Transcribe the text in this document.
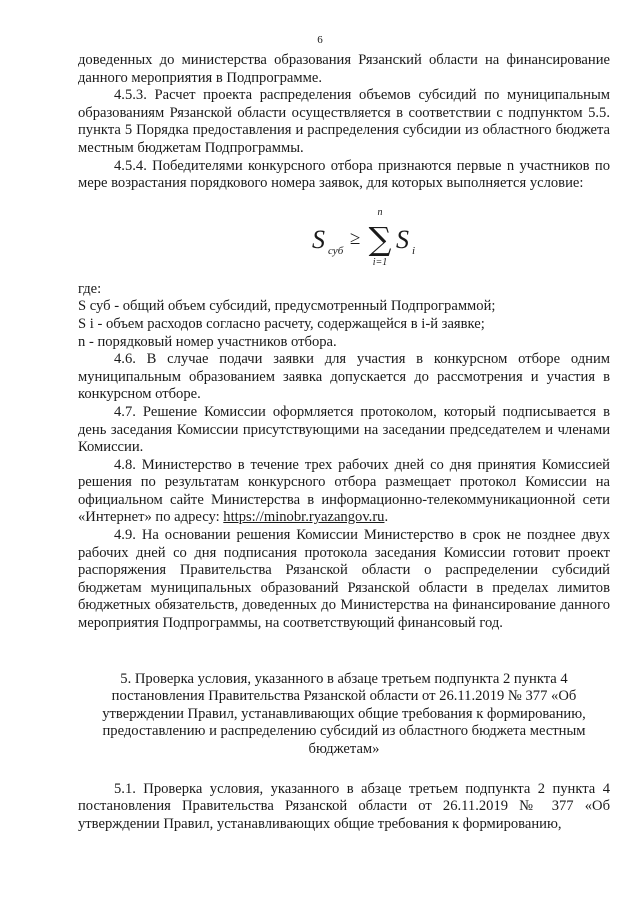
6

доведенных до министерства образования Рязанский области на финансирование данного мероприятия в Подпрограмме.

4.5.3. Расчет проекта распределения объемов субсидий по муниципальным образованиям Рязанской области осуществляется в соответствии с подпунктом 5.5. пункта 5 Порядка предоставления и распределения субсидии из областного бюджета местным бюджетам Подпрограммы.

4.5.4. Победителями конкурсного отбора признаются первые n участников по мере возрастания порядкового номера заявок, для которых выполняется условие:

S суб
≥
n
∑
i=1
S i

где:

S суб - общий объем субсидий, предусмотренный Подпрограммой;

S i - объем расходов согласно расчету, содержащейся в i-й заявке;

n - порядковый номер участников отбора.

4.6. В случае подачи заявки для участия в конкурсном отборе одним муниципальным образованием заявка допускается до рассмотрения и участия в конкурсном отборе.

4.7. Решение Комиссии оформляется протоколом, который подписывается в день заседания Комиссии присутствующими на заседании председателем и членами Комиссии.

4.8. Министерство в течение трех рабочих дней со дня принятия Комиссией решения по результатам конкурсного отбора размещает протокол Комиссии на официальном сайте Министерства в информационно-телекоммуникационной сети «Интернет» по адресу: https://minobr.ryazangov.ru.

4.9. На основании решения Комиссии Министерство в срок не позднее двух рабочих дней со дня подписания протокола заседания Комиссии готовит проект распоряжения Правительства Рязанской области о распределении субсидий бюджетам муниципальных образований Рязанской области в пределах лимитов бюджетных обязательств, доведенных до Министерства на финансирование данного мероприятия Подпрограммы, на соответствующий финансовый год.

5. Проверка условия, указанного в абзаце третьем подпункта 2 пункта 4 постановления Правительства Рязанской области от 26.11.2019 № 377 «Об утверждении Правил, устанавливающих общие требования к формированию, предоставлению и распределению субсидий из областного бюджета местным бюджетам»

5.1. Проверка условия, указанного в абзаце третьем подпункта 2 пункта 4 постановления Правительства Рязанской области от 26.11.2019 № 377 «Об утверждении Правил, устанавливающих общие требования к формированию,
